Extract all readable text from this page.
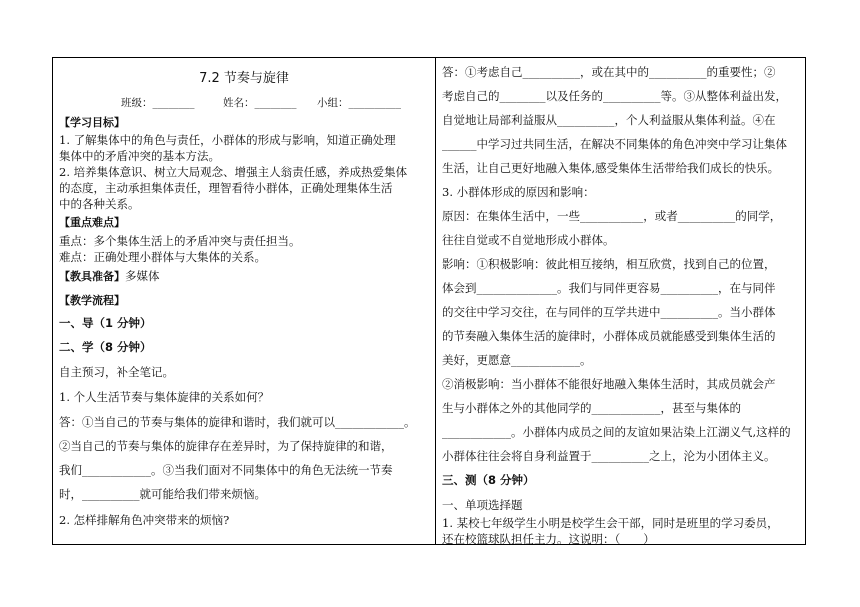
7.2 节奏与旋律
班级：________	姓名：________ 小组：__________
【学习目标】
1. 了解集体中的角色与责任，小群体的形成与影响，知道正确处理
集体中的矛盾冲突的基本方法。
2. 培养集体意识、树立大局观念、增强主人翁责任感，养成热爱集体
的态度，主动承担集体责任，理智看待小群体，正确处理集体生活
中的各种关系。
【重点难点】
重点：多个集体生活上的矛盾冲突与责任担当。
难点：正确处理小群体与大集体的关系。
【教具准备】多媒体
【教学流程】
一、导（1 分钟）
二、学（8 分钟）
自主预习，补全笔记。
1. 个人生活节奏与集体旋律的关系如何？
答：①当自己的节奏与集体的旋律和谐时，我们就可以____________。
②当自己的节奏与集体的旋律存在差异时，为了保持旋律的和谐，
我们____________。③当我们面对不同集体中的角色无法统一节奏
时，__________就可能给我们带来烦恼。
2. 怎样排解角色冲突带来的烦恼?
答：①考虑自己__________，或在其中的__________的重要性；②
考虑自己的________以及任务的__________等。③从整体利益出发，
自觉地让局部利益服从__________，个人利益服从集体利益。④在
______中学习过共同生活，在解决不同集体的角色冲突中学习让集体
生活，让自己更好地融入集体,感受集体生活带给我们成长的快乐。
3. 小群体形成的原因和影响：
原因：在集体生活中，一些___________，或者__________的同学，
往往自觉或不自觉地形成小群体。
影响：①积极影响：彼此相互接纳，相互欣赏，找到自己的位置，
体会到______________。我们与同伴更容易__________，在与同伴
的交往中学习交往，在与同伴的互学共进中__________。当小群体
的节奏融入集体生活的旋律时，小群体成员就能感受到集体生活的
美好，更愿意____________。
②消极影响：当小群体不能很好地融入集体生活时，其成员就会产
生与小群体之外的其他同学的____________，甚至与集体的
____________。小群体内成员之间的友谊如果沾染上江湖义气,这样的
小群体往往会将自身利益置于__________之上，沦为小团体主义。
三、测（8 分钟）
一、单项选择题
1. 某校七年级学生小明是校学生会干部，同时是班里的学习委员，
还在校篮球队担任主力。这说明：（　　）
